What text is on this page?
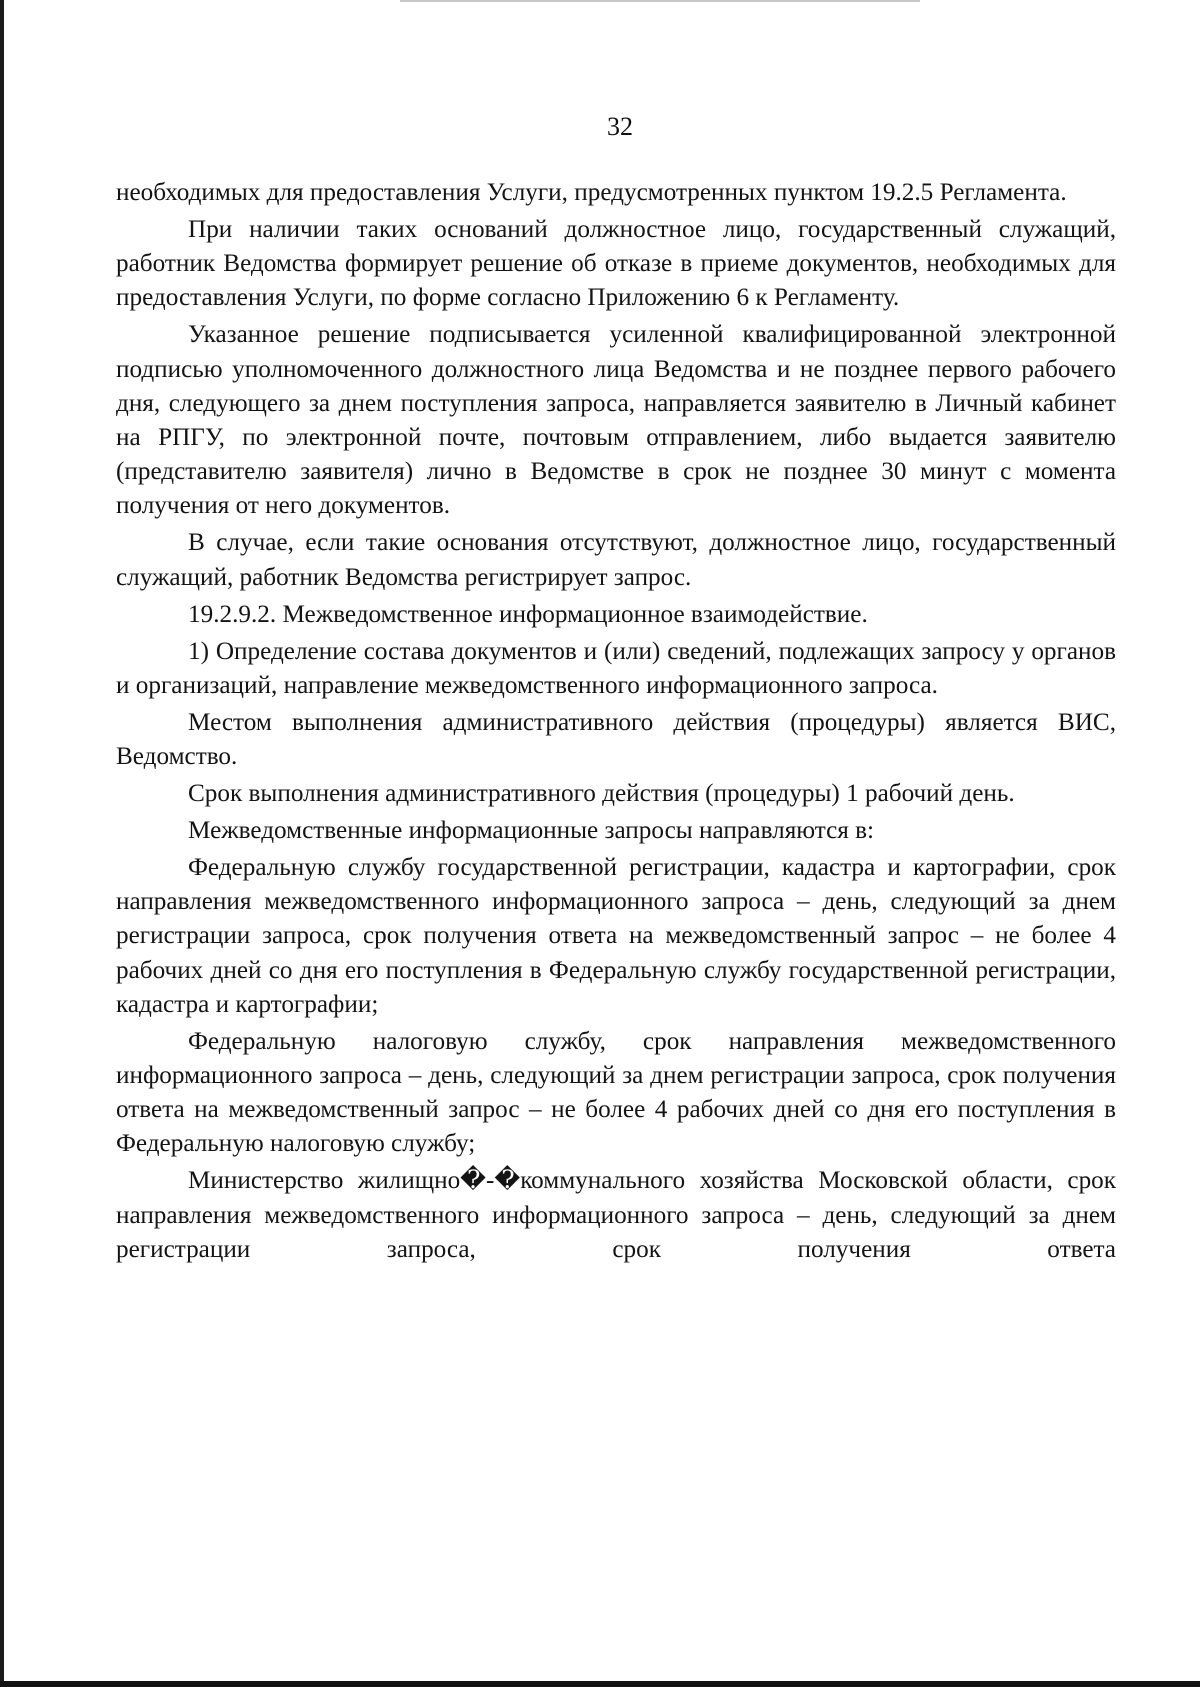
32

необходимых для предоставления Услуги, предусмотренных пунктом 19.2.5 Регламента.

При наличии таких оснований должностное лицо, государственный служащий, работник Ведомства формирует решение об отказе в приеме документов, необходимых для предоставления Услуги, по форме согласно Приложению 6 к Регламенту.

Указанное решение подписывается усиленной квалифицированной электронной подписью уполномоченного должностного лица Ведомства и не позднее первого рабочего дня, следующего за днем поступления запроса, направляется заявителю в Личный кабинет на РПГУ, по электронной почте, почтовым отправлением, либо выдается заявителю (представителю заявителя) лично в Ведомстве в срок не позднее 30 минут с момента получения от него документов.

В случае, если такие основания отсутствуют, должностное лицо, государственный служащий, работник Ведомства регистрирует запрос.

19.2.9.2. Межведомственное информационное взаимодействие.

1) Определение состава документов и (или) сведений, подлежащих запросу у органов и организаций, направление межведомственного информационного запроса.

Местом выполнения административного действия (процедуры) является ВИС, Ведомство.

Срок выполнения административного действия (процедуры) 1 рабочий день.

Межведомственные информационные запросы направляются в:

Федеральную службу государственной регистрации, кадастра и картографии, срок направления межведомственного информационного запроса – день, следующий за днем регистрации запроса, срок получения ответа на межведомственный запрос – не более 4 рабочих дней со дня его поступления в Федеральную службу государственной регистрации, кадастра и картографии;

Федеральную налоговую службу, срок направления межведомственного информационного запроса – день, следующий за днем регистрации запроса, срок получения ответа на межведомственный запрос – не более 4 рабочих дней со дня его поступления в Федеральную налоговую службу;

Министерство жилищно�-�коммунального хозяйства Московской области, срок направления межведомственного информационного запроса – день, следующий за днем регистрации запроса, срок получения ответа
